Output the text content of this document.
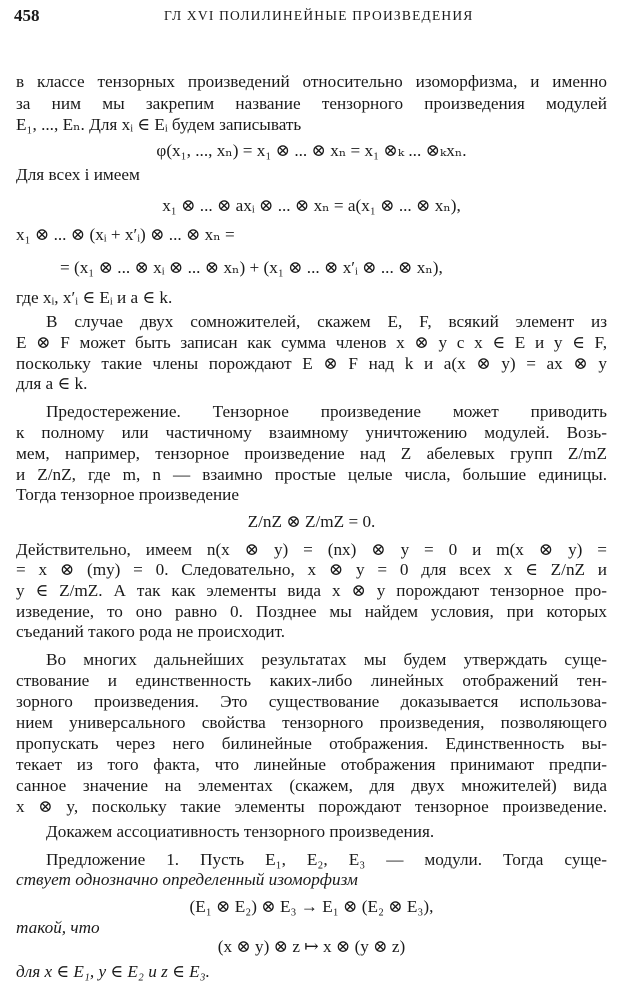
458	ГЛ XVI ПОЛИЛИНЕЙНЫЕ ПРОИЗВЕДЕНИЯ
в классе тензорных произведений относительно изоморфизма, и именно
за ним мы закрепим название тензорного произведения модулей
E₁, ..., Eₙ. Для xᵢ ∈ Eᵢ будем записывать
φ(x₁, ..., xₙ) = x₁ ⊗ ... ⊗ xₙ = x₁ ⊗ₖ ... ⊗ₖxₙ.
Для всех i имеем
x₁ ⊗ ... ⊗ axᵢ ⊗ ... ⊗ xₙ = a(x₁ ⊗ ... ⊗ xₙ),
x₁ ⊗ ... ⊗ (xᵢ + x′ᵢ) ⊗ ... ⊗ xₙ =
= (x₁ ⊗ ... ⊗ xᵢ ⊗ ... ⊗ xₙ) + (x₁ ⊗ ... ⊗ x′ᵢ ⊗ ... ⊗ xₙ),
где xᵢ, x′ᵢ ∈ Eᵢ и a ∈ k.
В случае двух сомножителей, скажем E, F, всякий элемент из
E ⊗ F может быть записан как сумма членов x ⊗ y с x ∈ E и y ∈ F,
поскольку такие члены порождают E ⊗ F над k и a(x ⊗ y) = ax ⊗ y
для a ∈ k.
Предостережение. Тензорное произведение может приводить
к полному или частичному взаимному уничтожению модулей. Возь-
мем, например, тензорное произведение над Z абелевых групп Z/mZ
и Z/nZ, где m, n — взаимно простые целые числа, большие единицы.
Тогда тензорное произведение
Z/nZ ⊗ Z/mZ = 0.
Действительно, имеем n(x ⊗ y) = (nx) ⊗ y = 0 и m(x ⊗ y) =
= x ⊗ (my) = 0. Следовательно, x ⊗ y = 0 для всех x ∈ Z/nZ и
y ∈ Z/mZ. А так как элементы вида x ⊗ y порождают тензорное про-
изведение, то оно равно 0. Позднее мы найдем условия, при которых
съеданий такого рода не происходит.
Во многих дальнейших результатах мы будем утверждать суще-
ствование и единственность каких-либо линейных отображений тен-
зорного произведения. Это существование доказывается использова-
нием универсального свойства тензорного произведения, позволяющего
пропускать через него билинейные отображения. Единственность вы-
текает из того факта, что линейные отображения принимают предпи-
санное значение на элементах (скажем, для двух множителей) вида
x ⊗ y, поскольку такие элементы порождают тензорное произведение.
Докажем ассоциативность тензорного произведения.
Предложение 1. Пусть E₁, E₂, E₃ — модули. Тогда суще-
ствует однозначно определенный изоморфизм
(E₁ ⊗ E₂) ⊗ E₃ → E₁ ⊗ (E₂ ⊗ E₃),
такой, что
(x ⊗ y) ⊗ z ↦ x ⊗ (y ⊗ z)
для x ∈ E₁, y ∈ E₂ и z ∈ E₃.
